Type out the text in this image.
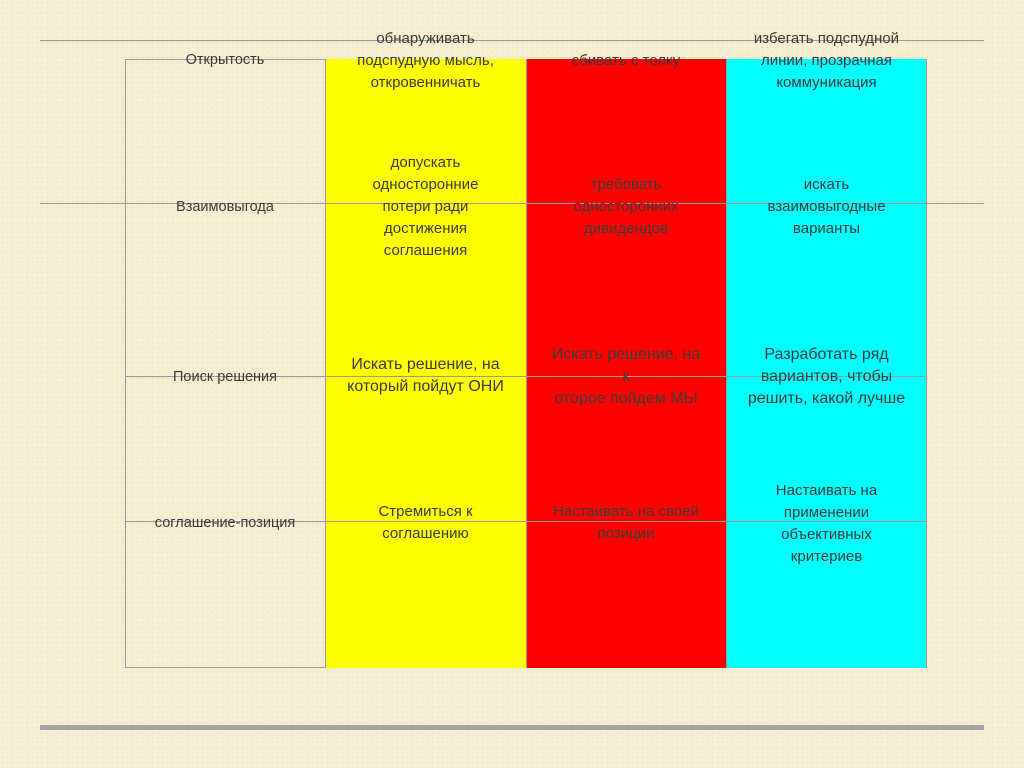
Открытость
обнаруживать
подспудную мысль,
откровенничать
сбивать с толку
избегать подспудной
линии, прозрачная
коммуникация
Взаимовыгода
допускать
односторонние
потери ради
достижения
соглашения
требовать
односторонних
дивидендов
искать
взаимовыгодные
варианты
Поиск решения
Искать решение, на
который пойдут ОНИ
Искать решение, на
к
оторое пойдем МЫ
Разработать ряд
вариантов, чтобы
решить, какой лучше
соглашение-позиция
Стремиться к
соглашению
Настаивать на своей
позиции
Настаивать на
применении
объективных
критериев
